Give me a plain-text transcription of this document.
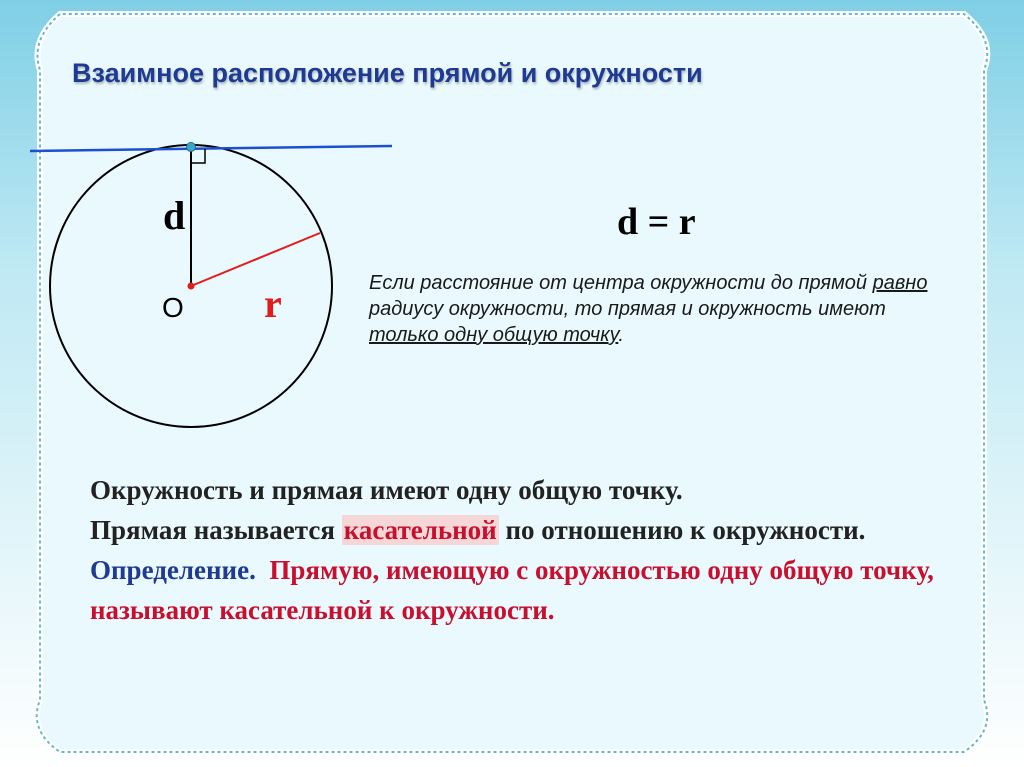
Взаимное расположение прямой и окружности
d
O r
d = r
Если расстояние от центра окружности до прямой равно радиусу окружности, то прямая и окружность имеют только одну общую точку.
Окружность и прямая имеют одну общую точку.
Прямая называется касательной по отношению к окружности.
Определение. Прямую, имеющую с окружностью одну общую точку, называют касательной к окружности.
